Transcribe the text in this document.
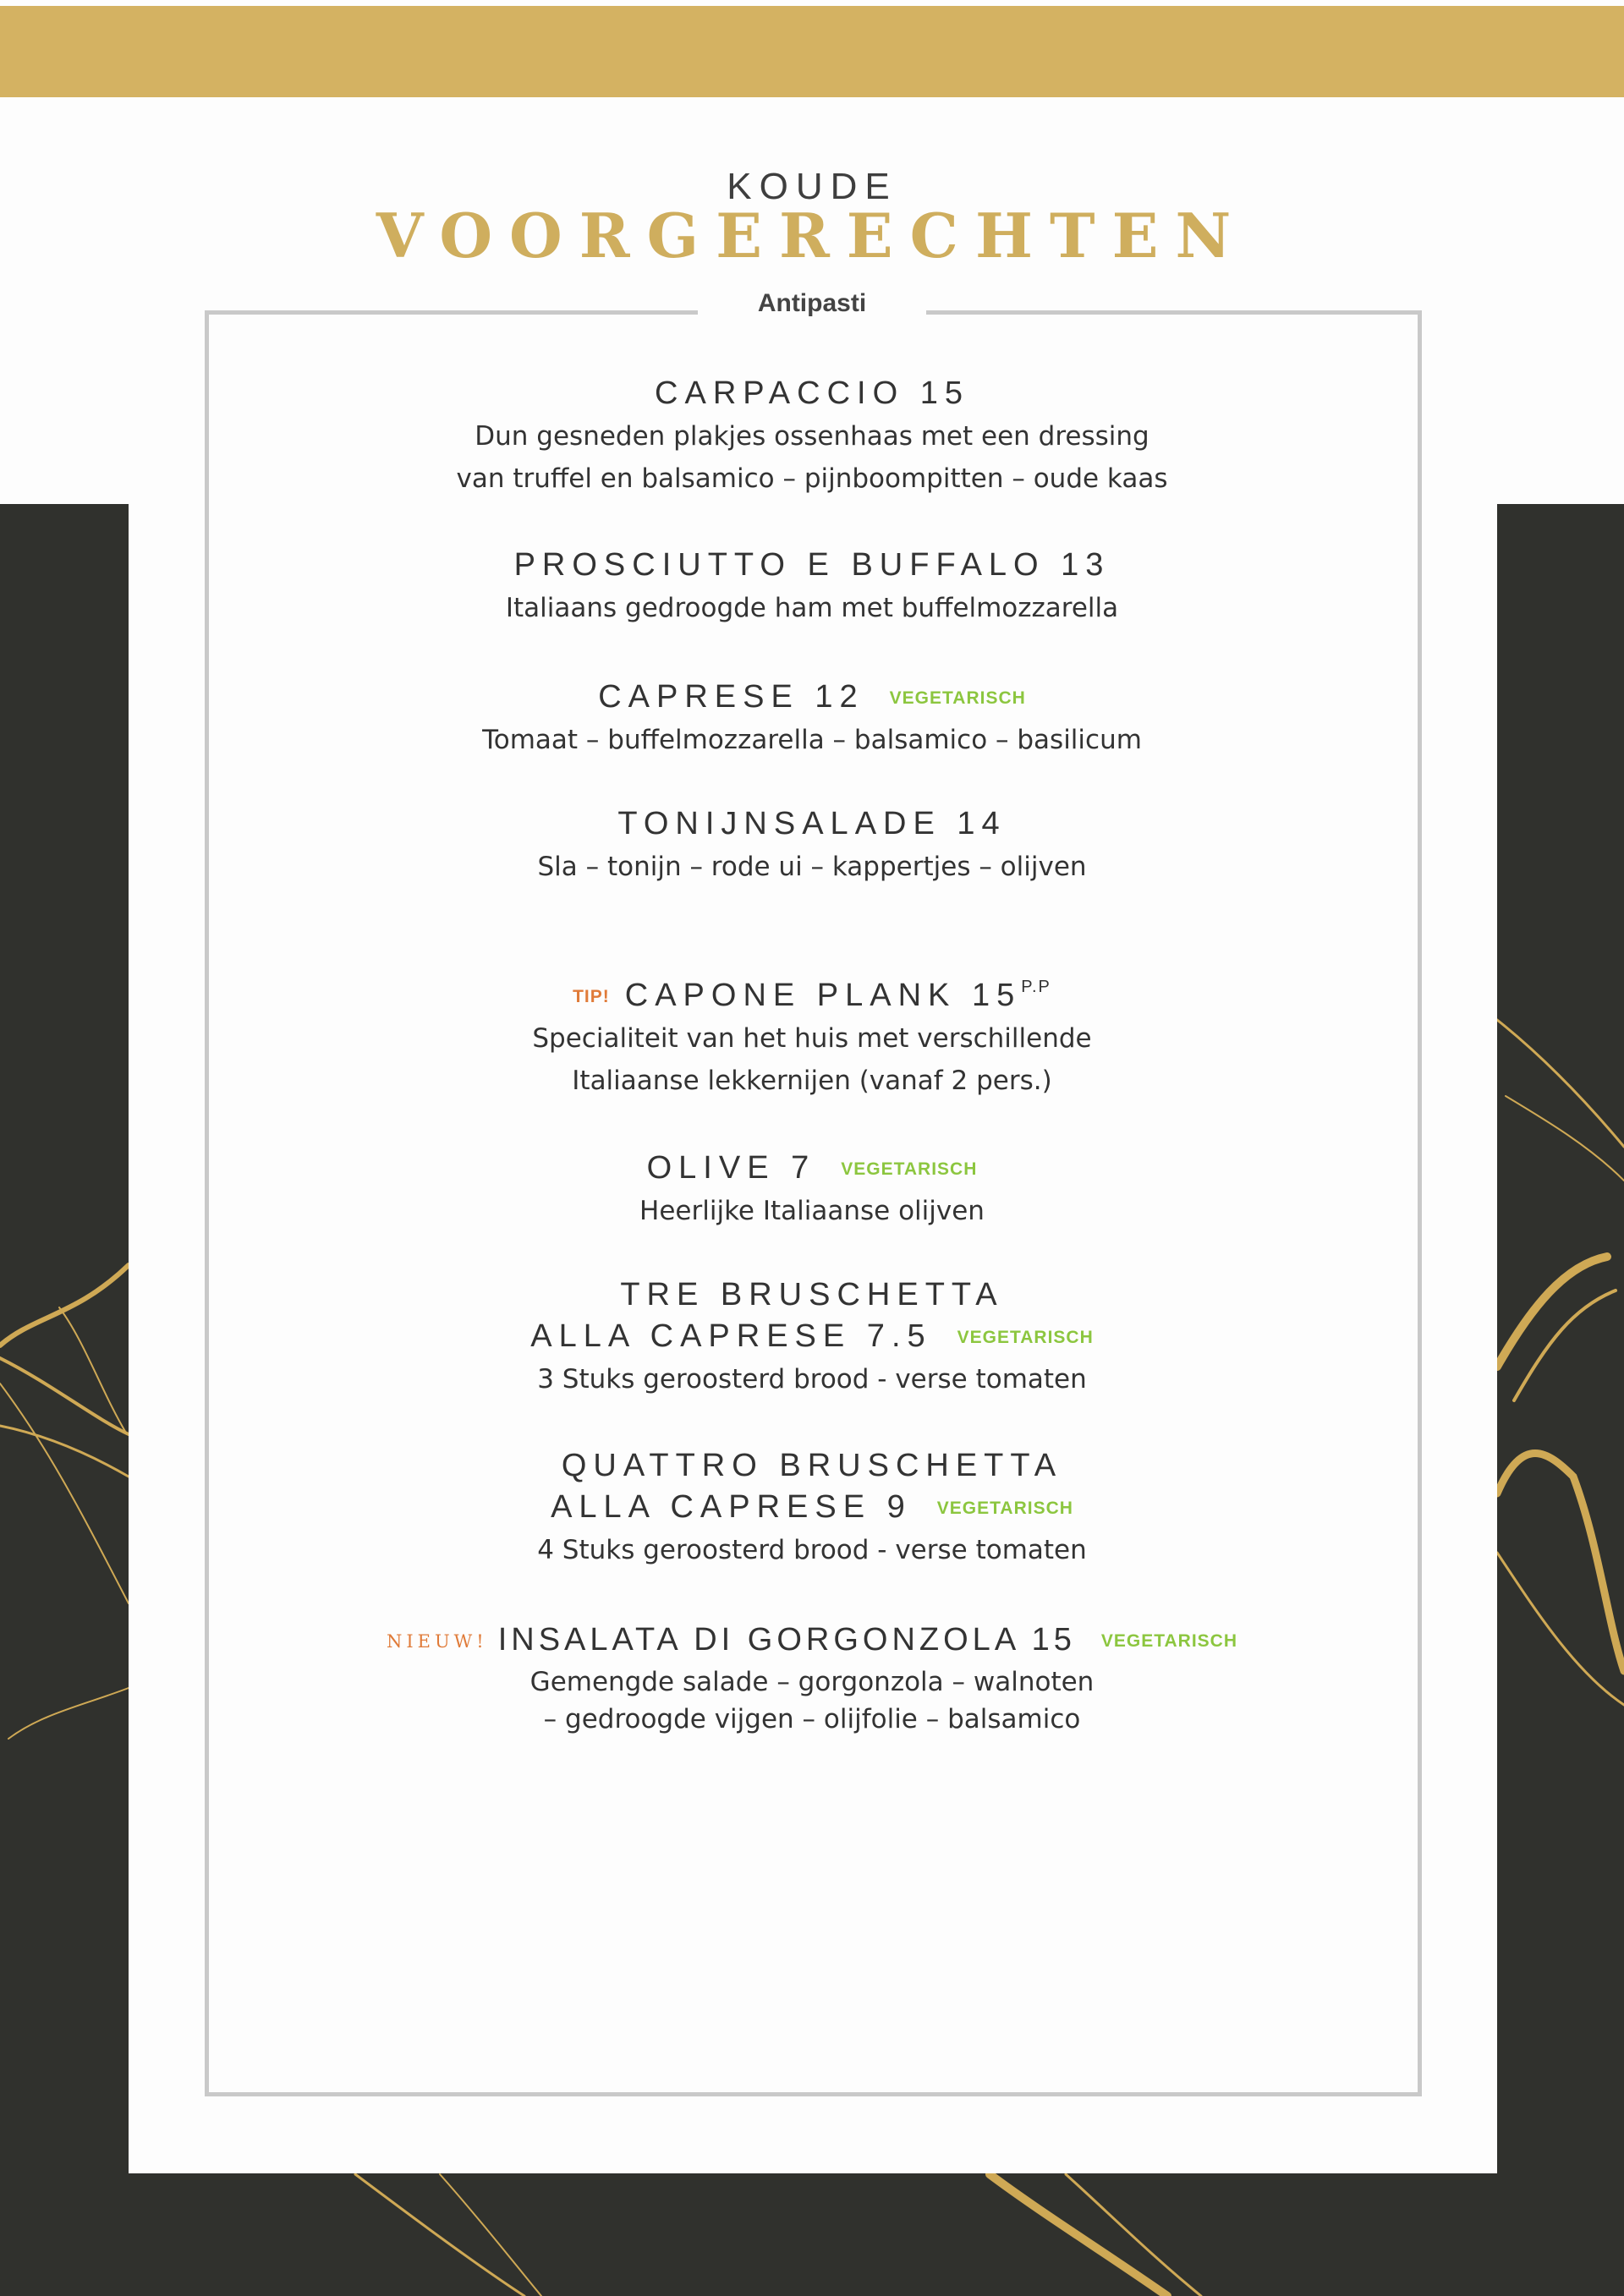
KOUDE
VOORGERECHTEN
Antipasti
CARPACCIO 15
Dun gesneden plakjes ossenhaas met een dressing
van truffel en balsamico – pijnboompitten – oude kaas
PROSCIUTTO E BUFFALO 13
Italiaans gedroogde ham met buffelmozzarella
CAPRESE 12 VEGETARISCH
Tomaat – buffelmozzarella – balsamico – basilicum
TONIJNSALADE 14
Sla – tonijn – rode ui – kappertjes – olijven
TIP! CAPONE PLANK $15^{P.P}$
Specialiteit van het huis met verschillende
Italiaanse lekkernijen (vanaf 2 pers.)
OLIVE 7 VEGETARISCH
Heerlijke Italiaanse olijven
TRE BRUSCHETTA
ALLA CAPRESE 7.5 VEGETARISCH
3 Stuks geroosterd brood - verse tomaten
QUATTRO BRUSCHETTA
ALLA CAPRESE 9 VEGETARISCH
4 Stuks geroosterd brood - verse tomaten
NIEUW! INSALATA DI GORGONZOLA 15 VEGETARISCH
Gemengde salade – gorgonzola – walnoten
– gedroogde vijgen – olijfolie – balsamico
